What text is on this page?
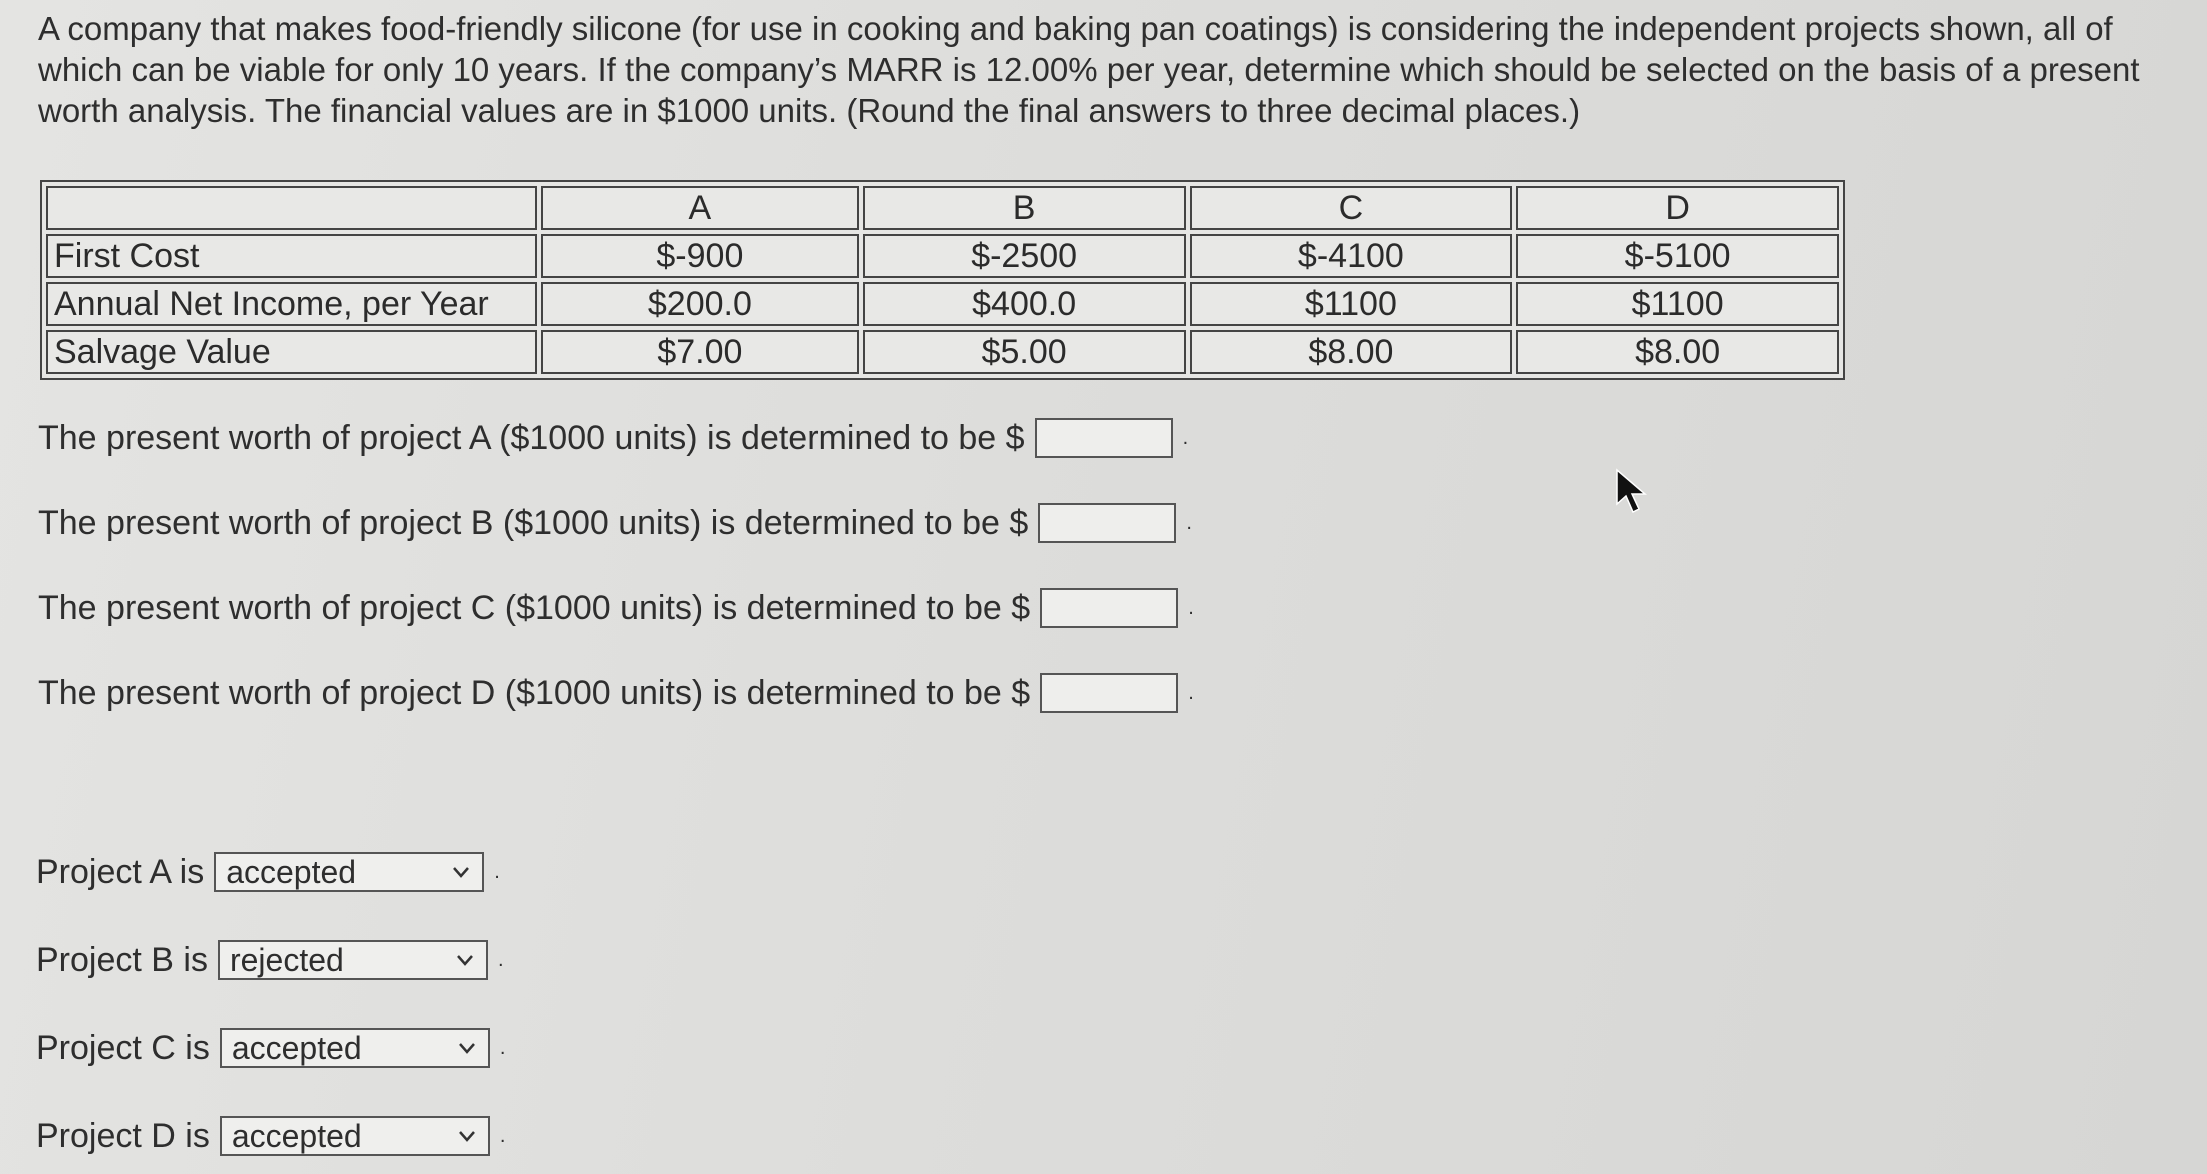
A company that makes food-friendly silicone (for use in cooking and baking pan coatings) is considering the independent projects shown, all of which can be viable for only 10 years. If the company’s MARR is 12.00% per year, determine which should be selected on the basis of a present worth analysis. The financial values are in $1000 units. (Round the final answers to three decimal places.)
	A	B	C	D
First Cost	$-900	$-2500	$-4100	$-5100
Annual Net Income, per Year	$200.0	$400.0	$1100	$1100
Salvage Value	$7.00	$5.00	$8.00	$8.00
The present worth of project A ($1000 units) is determined to be $	.
The present worth of project B ($1000 units) is determined to be $	.
The present worth of project C ($1000 units) is determined to be $	.
The present worth of project D ($1000 units) is determined to be $	.
Project A is accepted	.
Project B is rejected	.
Project C is accepted	.
Project D is accepted	.
